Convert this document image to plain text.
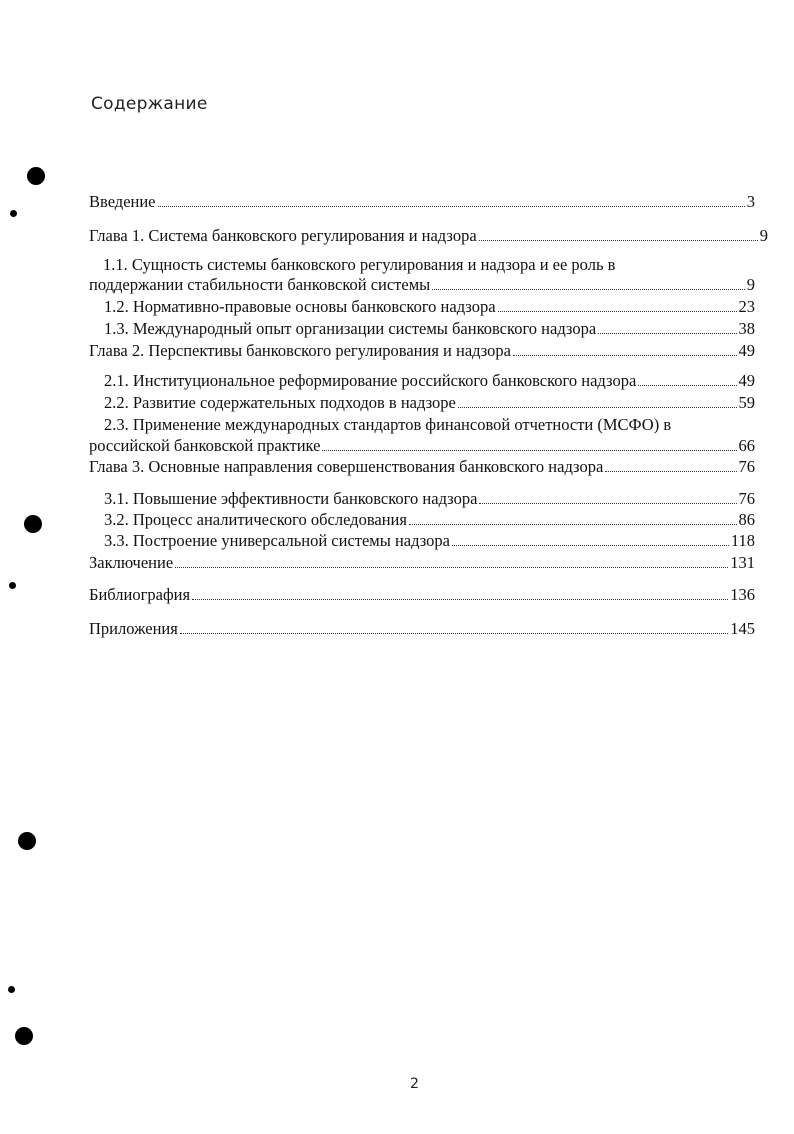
Содержание
Введение	3
Глава 1. Система банковского регулирования и надзора	9
1.1. Сущность системы банковского регулирования и надзора и ее роль в
поддержании стабильности банковской системы	9
1.2. Нормативно-правовые основы банковского надзора	23
1.3. Международный опыт организации системы банковского надзора	38
Глава 2. Перспективы банковского регулирования и надзора	49
2.1. Институциональное реформирование российского банковского надзора	49
2.2. Развитие содержательных подходов в надзоре	59
2.3. Применение международных стандартов финансовой отчетности (МСФО) в
российской банковской практике	66
Глава 3. Основные направления совершенствования банковского надзора	76
3.1. Повышение эффективности банковского надзора	76
3.2. Процесс аналитического обследования	86
3.3. Построение универсальной системы надзора	118
Заключение	131
Библиография	136
Приложения	145
2
